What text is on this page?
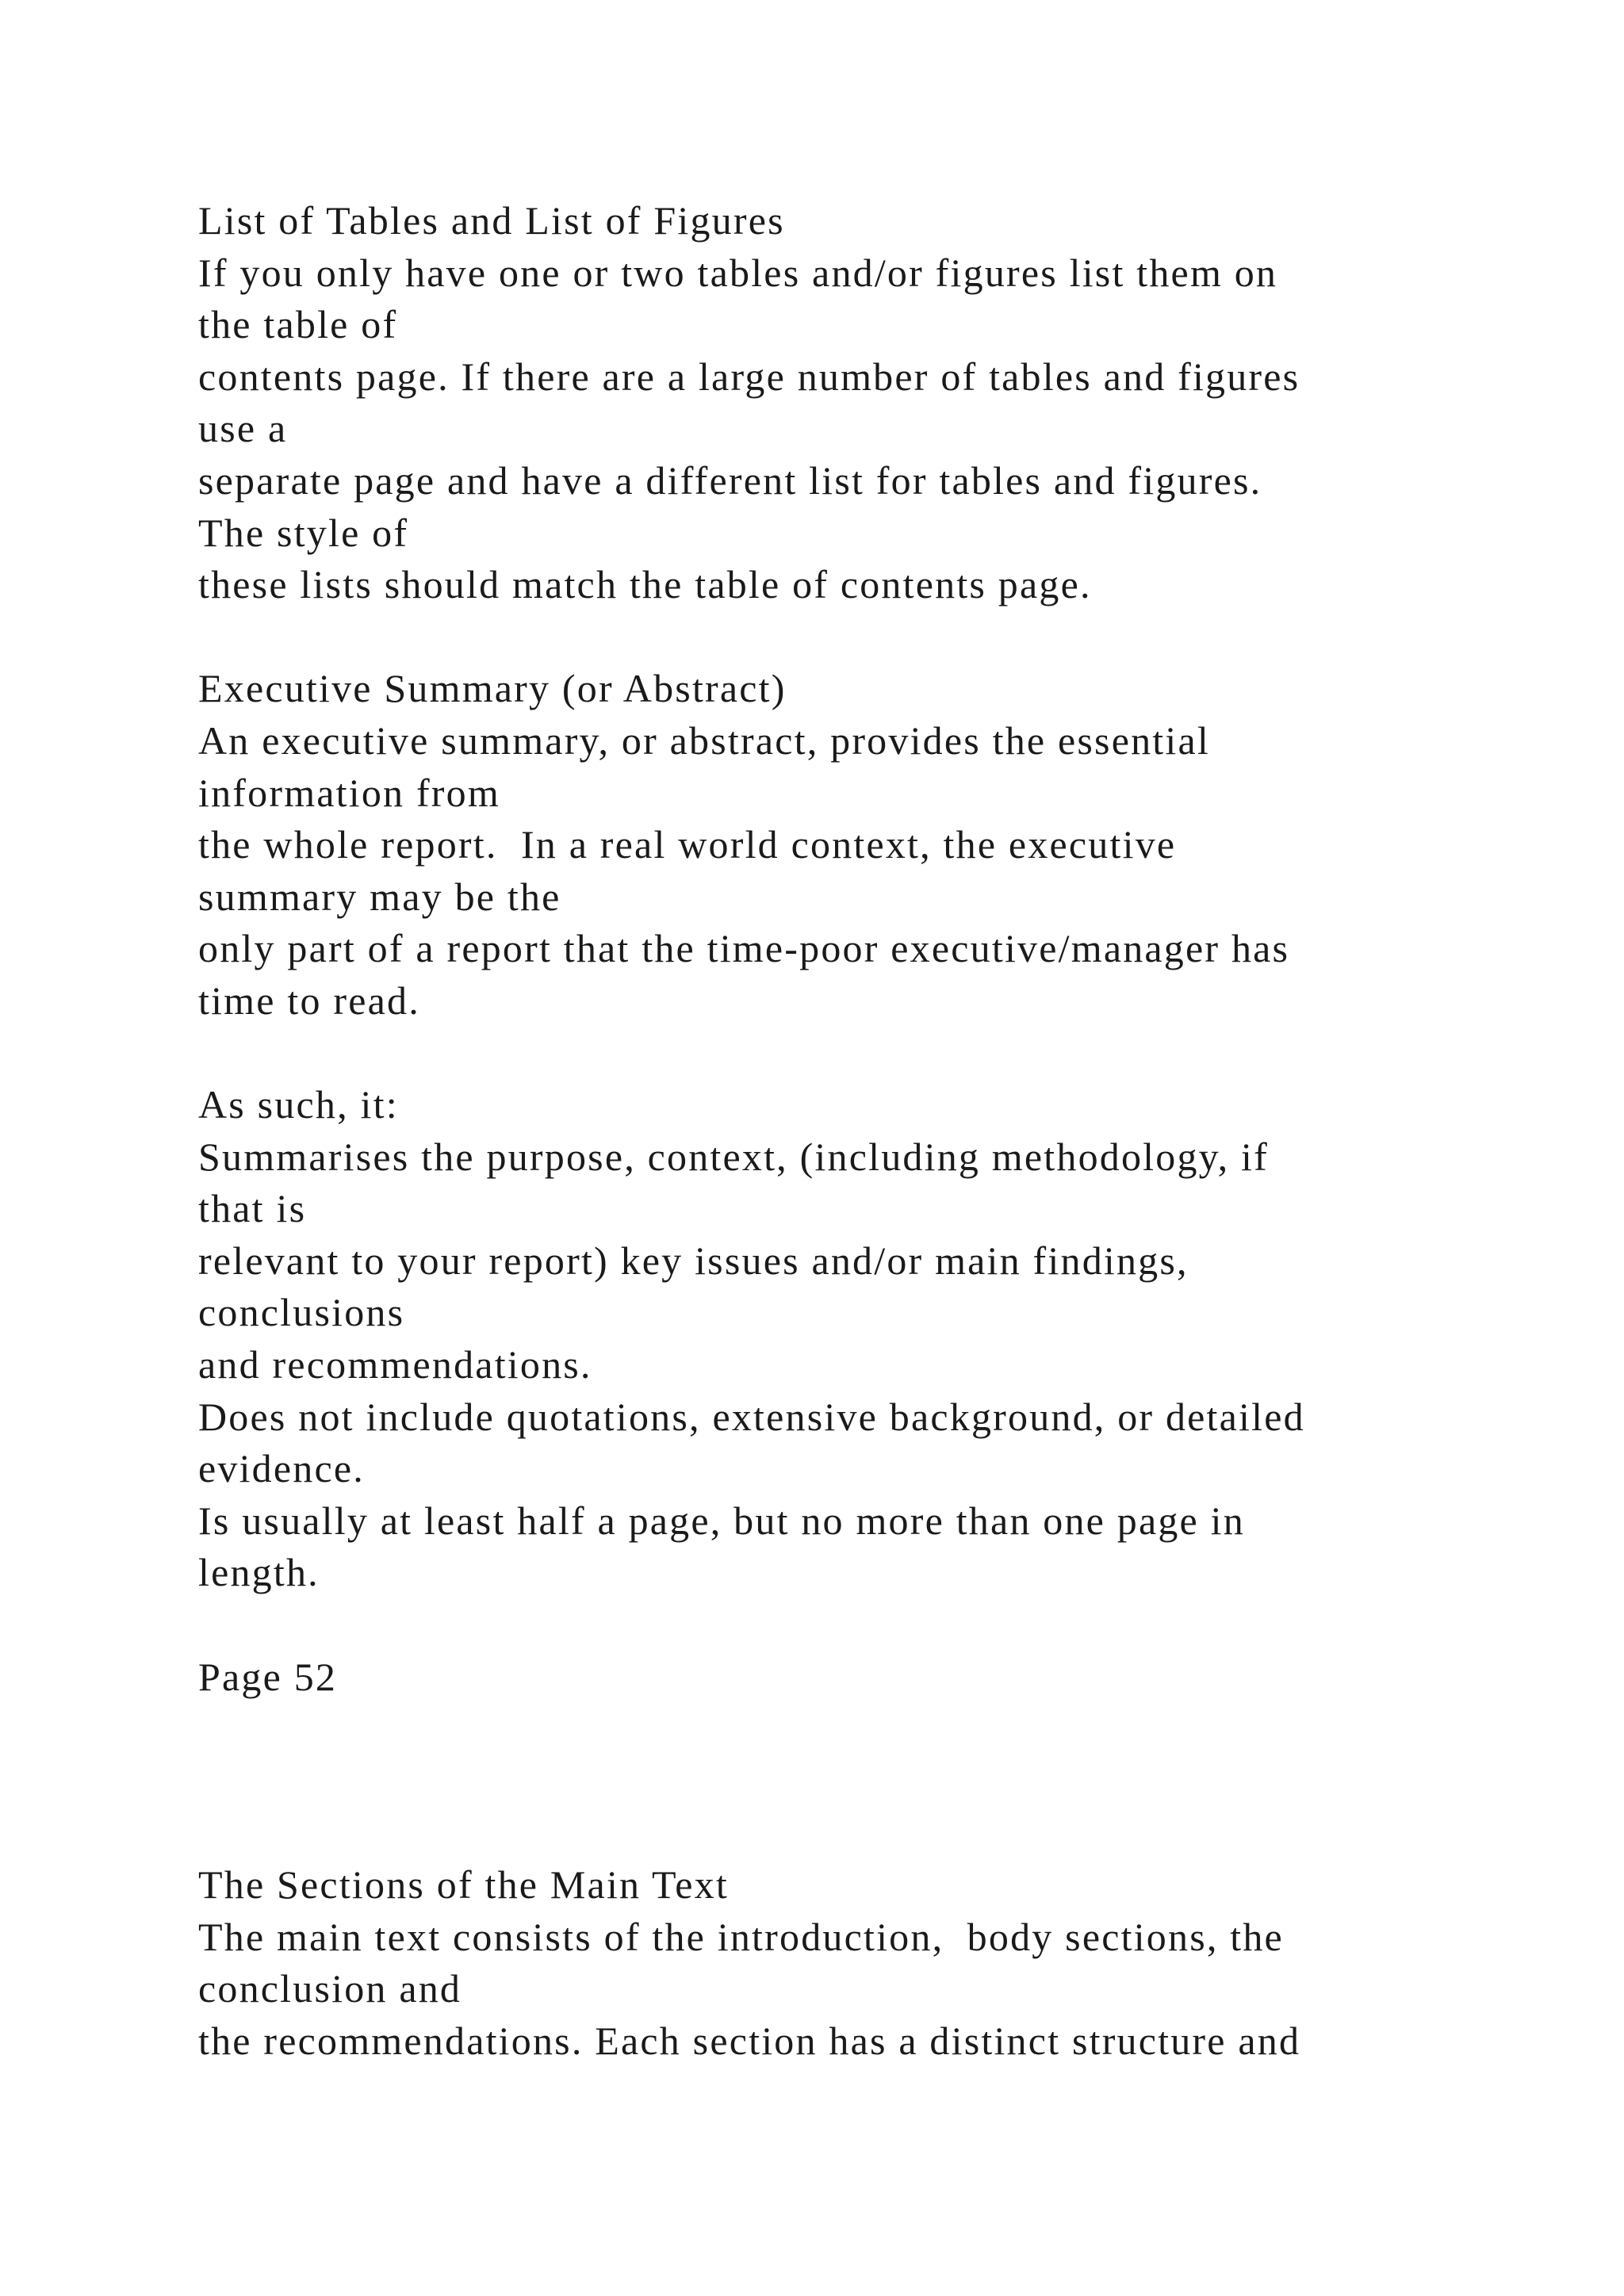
List of Tables and List of Figures
If you only have one or two tables and/or figures list them on
the table of
contents page. If there are a large number of tables and figures
use a
separate page and have a different list for tables and figures.
The style of
these lists should match the table of contents page.
Executive Summary (or Abstract)
An executive summary, or abstract, provides the essential
information from
the whole report.  In a real world context, the executive
summary may be the
only part of a report that the time-poor executive/manager has
time to read.
As such, it:
Summarises the purpose, context, (including methodology, if
that is
relevant to your report) key issues and/or main findings,
conclusions
and recommendations.
Does not include quotations, extensive background, or detailed
evidence.
Is usually at least half a page, but no more than one page in
length.
Page 52
The Sections of the Main Text
The main text consists of the introduction,  body sections, the
conclusion and
the recommendations. Each section has a distinct structure and
